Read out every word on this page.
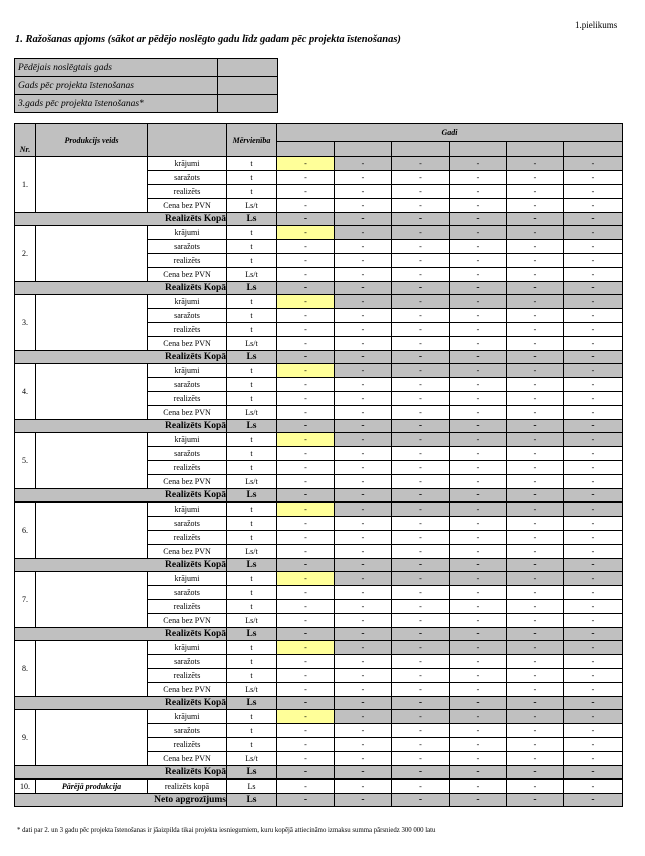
1.pielikums
1. Ražošanas apjoms (sākot ar pēdējo noslēgto gadu līdz gadam pēc projekta īstenošanas)
Pēdējais noslēgtais gads	
Gads pēc projekta īstenošanas	
3.gads pēc projekta īstenošanas*	
Nr.	Produkcijs veids		Mērvienība	Gadi					

1.		krājumi	t	-	-	-	-	-	-
		saražots	t	-	-	-	-	-	-
		realizēts	t	-	-	-	-	-	-
		Cena bez PVN	Ls/t	-	-	-	-	-	-
Realizēts Kopā			Ls	-	-	-	-	-	-
2.		krājumi	t	-	-	-	-	-	-
		saražots	t	-	-	-	-	-	-
		realizēts	t	-	-	-	-	-	-
		Cena bez PVN	Ls/t	-	-	-	-	-	-
Realizēts Kopā			Ls	-	-	-	-	-	-
3.		krājumi	t	-	-	-	-	-	-
		saražots	t	-	-	-	-	-	-
		realizēts	t	-	-	-	-	-	-
		Cena bez PVN	Ls/t	-	-	-	-	-	-
Realizēts Kopā			Ls	-	-	-	-	-	-
4.		krājumi	t	-	-	-	-	-	-
		saražots	t	-	-	-	-	-	-
		realizēts	t	-	-	-	-	-	-
		Cena bez PVN	Ls/t	-	-	-	-	-	-
Realizēts Kopā			Ls	-	-	-	-	-	-
5.		krājumi	t	-	-	-	-	-	-
		saražots	t	-	-	-	-	-	-
		realizēts	t	-	-	-	-	-	-
		Cena bez PVN	Ls/t	-	-	-	-	-	-
Realizēts Kopā			Ls	-	-	-	-	-	-
6.		krājumi	t	-	-	-	-	-	-
		saražots	t	-	-	-	-	-	-
		realizēts	t	-	-	-	-	-	-
		Cena bez PVN	Ls/t	-	-	-	-	-	-
Realizēts Kopā			Ls	-	-	-	-	-	-
7.		krājumi	t	-	-	-	-	-	-
		saražots	t	-	-	-	-	-	-
		realizēts	t	-	-	-	-	-	-
		Cena bez PVN	Ls/t	-	-	-	-	-	-
Realizēts Kopā			Ls	-	-	-	-	-	-
8.		krājumi	t	-	-	-	-	-	-
		saražots	t	-	-	-	-	-	-
		realizēts	t	-	-	-	-	-	-
		Cena bez PVN	Ls/t	-	-	-	-	-	-
Realizēts Kopā			Ls	-	-	-	-	-	-
9.		krājumi	t	-	-	-	-	-	-
		saražots	t	-	-	-	-	-	-
		realizēts	t	-	-	-	-	-	-
		Cena bez PVN	Ls/t	-	-	-	-	-	-
Realizēts Kopā			Ls	-	-	-	-	-	-
10.	Pārējā produkcija	realizēts kopā	Ls	-	-	-	-	-	-
Neto apgrozījums			Ls	-	-	-	-	-	-
* dati par 2. un 3 gadu pēc projekta īstenošanas ir jāaizpilda tikai projekta iesniegumiem, kuru kopējā attiecināmo izmaksu summa pārsniedz 300 000 latu
